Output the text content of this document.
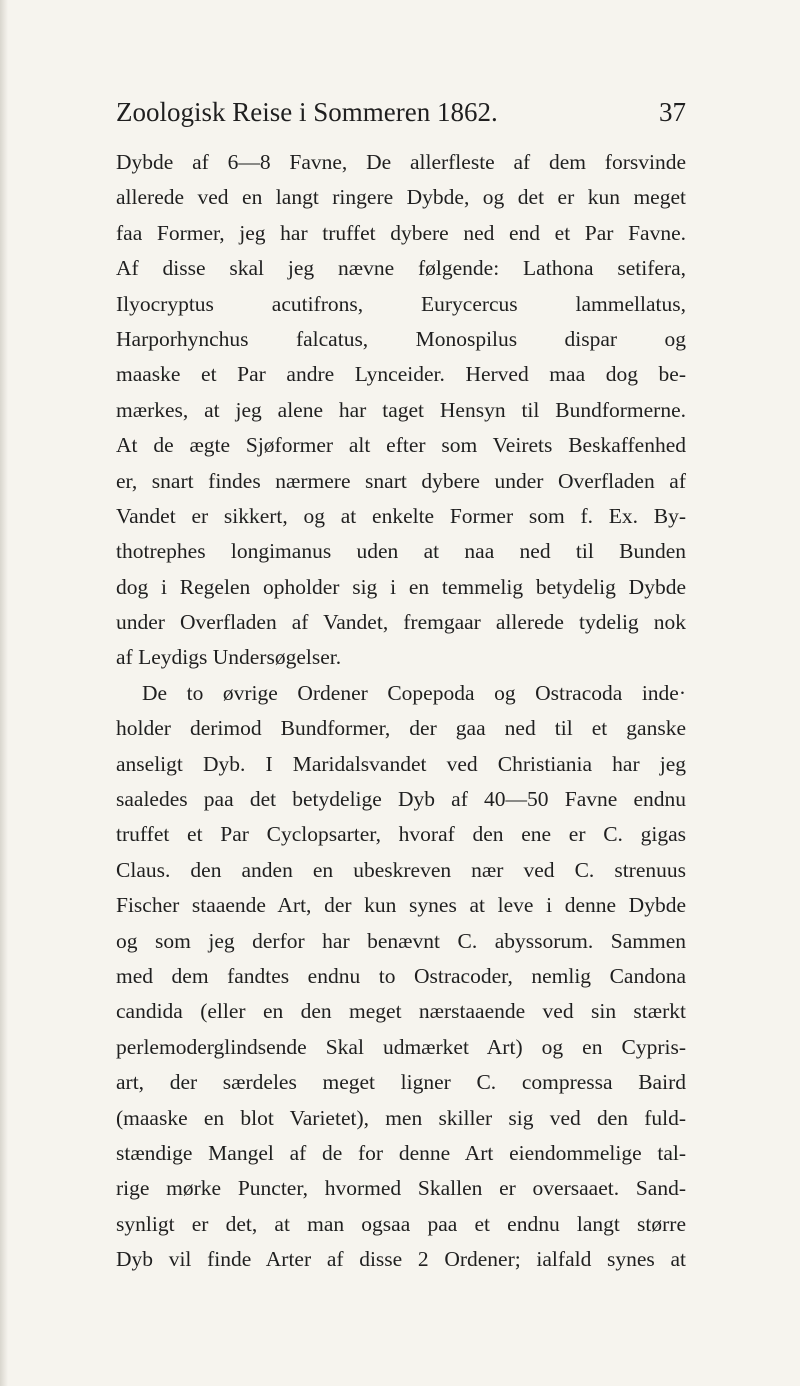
Zoologisk Reise i Sommeren 1862.	37
Dybde af 6—8 Favne, De allerfleste af dem forsvinde
allerede ved en langt ringere Dybde, og det er kun meget
faa Former, jeg har truffet dybere ned end et Par Favne.
Af disse skal jeg nævne følgende: Lathona setifera,
Ilyocryptus acutifrons, Eurycercus lammellatus,
Harporhynchus falcatus, Monospilus dispar og
maaske et Par andre Lynceider. Herved maa dog be-
mærkes, at jeg alene har taget Hensyn til Bundformerne.
At de ægte Sjøformer alt efter som Veirets Beskaffenhed
er, snart findes nærmere snart dybere under Overfladen af
Vandet er sikkert, og at enkelte Former som f. Ex. By-
thotrephes longimanus uden at naa ned til Bunden
dog i Regelen opholder sig i en temmelig betydelig Dybde
under Overfladen af Vandet, fremgaar allerede tydelig nok
af Leydigs Undersøgelser.
De to øvrige Ordener Copepoda og Ostracoda inde·
holder derimod Bundformer, der gaa ned til et ganske
anseligt Dyb. I Maridalsvandet ved Christiania har jeg
saaledes paa det betydelige Dyb af 40—50 Favne endnu
truffet et Par Cyclopsarter, hvoraf den ene er C. gigas
Claus. den anden en ubeskreven nær ved C. strenuus
Fischer staaende Art, der kun synes at leve i denne Dybde
og som jeg derfor har benævnt C. abyssorum. Sammen
med dem fandtes endnu to Ostracoder, nemlig Candona
candida (eller en den meget nærstaaende ved sin stærkt
perlemoderglindsende Skal udmærket Art) og en Cypris-
art, der særdeles meget ligner C. compressa Baird
(maaske en blot Varietet), men skiller sig ved den fuld-
stændige Mangel af de for denne Art eiendommelige tal-
rige mørke Puncter, hvormed Skallen er oversaaet. Sand-
synligt er det, at man ogsaa paa et endnu langt større
Dyb vil finde Arter af disse 2 Ordener; ialfald synes at
